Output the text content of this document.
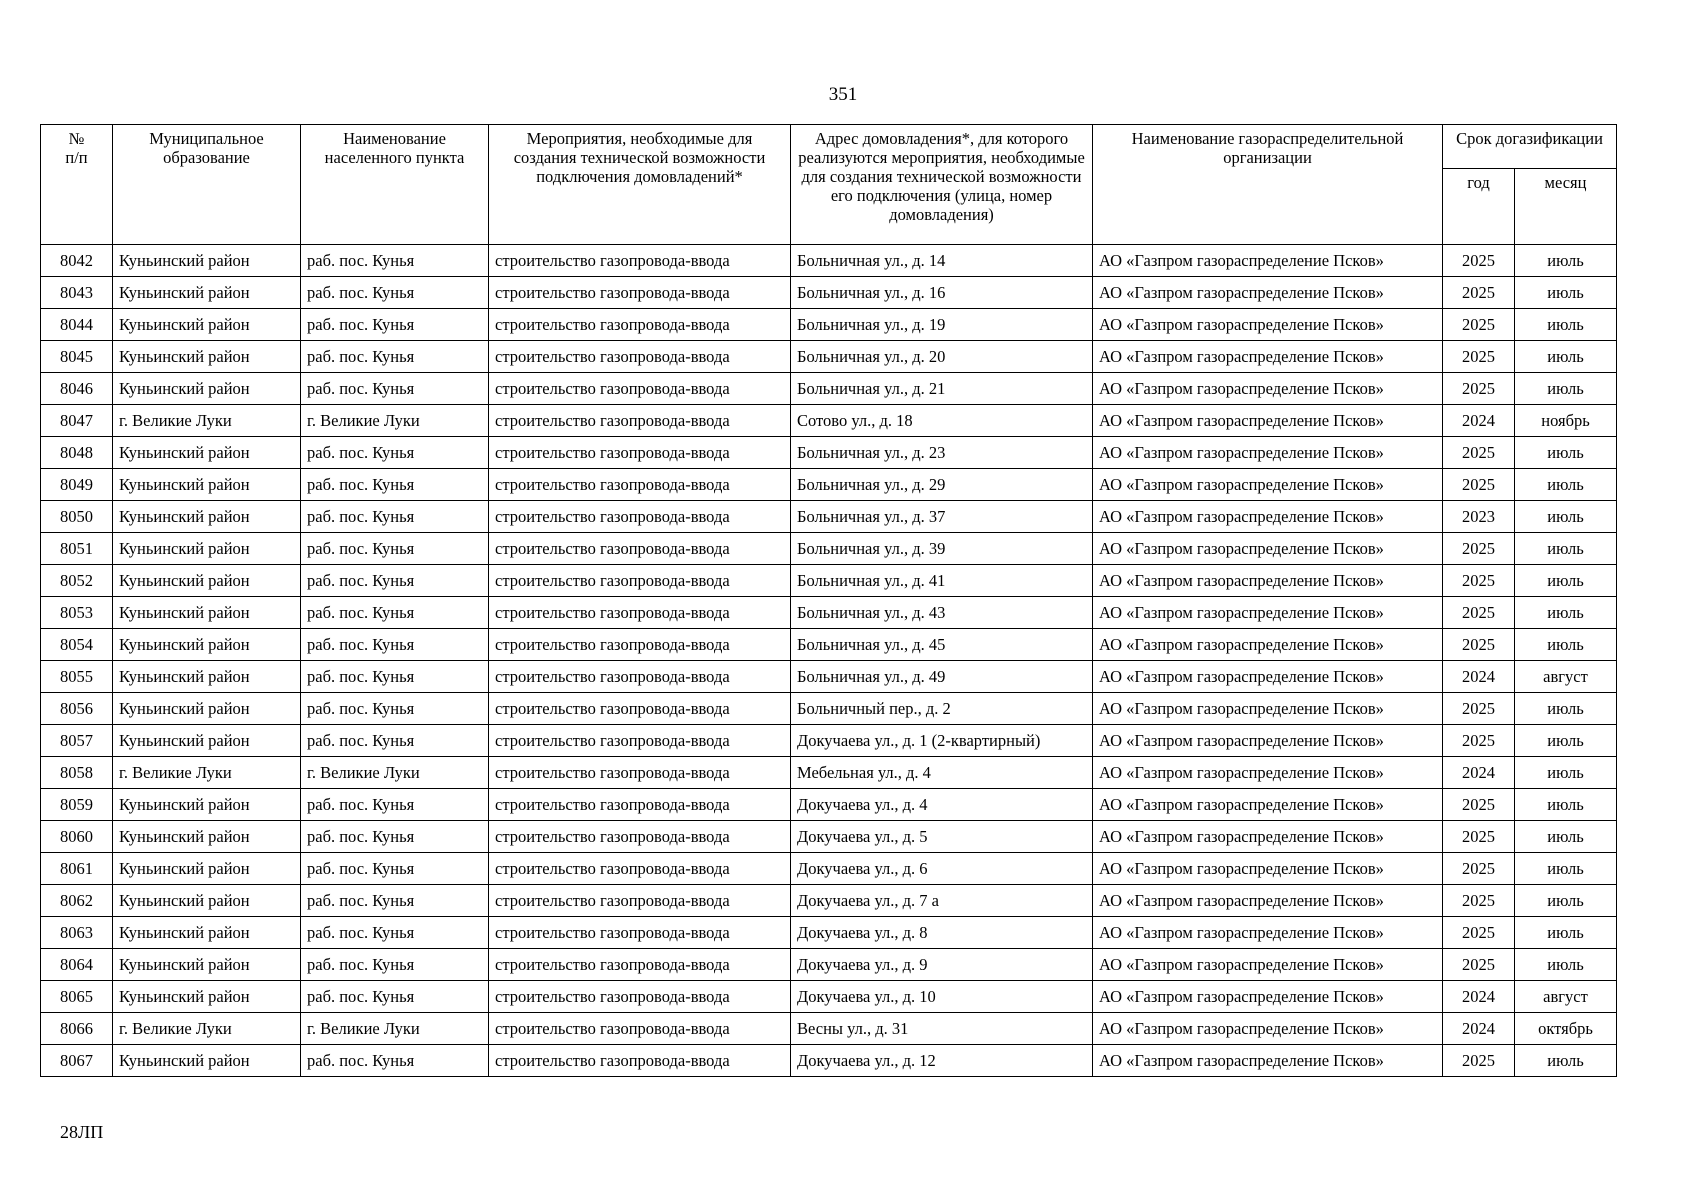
351
№
п/п	Муниципальное образование	Наименование населенного пункта	Мероприятия, необходимые для создания технической возможности подключения домовладений*	Адрес домовладения*, для которого реализуются мероприятия, необходимые для создания технической возможности его подключения (улица, номер домовладения)	Наименование газораспределительной организации	Срок догазификации	
						год	месяц
8042	Куньинский район	раб. пос. Кунья	строительство газопровода-ввода	Больничная ул., д. 14	АО «Газпром газораспределение Псков»	2025	июль
8043	Куньинский район	раб. пос. Кунья	строительство газопровода-ввода	Больничная ул., д. 16	АО «Газпром газораспределение Псков»	2025	июль
8044	Куньинский район	раб. пос. Кунья	строительство газопровода-ввода	Больничная ул., д. 19	АО «Газпром газораспределение Псков»	2025	июль
8045	Куньинский район	раб. пос. Кунья	строительство газопровода-ввода	Больничная ул., д. 20	АО «Газпром газораспределение Псков»	2025	июль
8046	Куньинский район	раб. пос. Кунья	строительство газопровода-ввода	Больничная ул., д. 21	АО «Газпром газораспределение Псков»	2025	июль
8047	г. Великие Луки	г. Великие Луки	строительство газопровода-ввода	Сотово ул., д. 18	АО «Газпром газораспределение Псков»	2024	ноябрь
8048	Куньинский район	раб. пос. Кунья	строительство газопровода-ввода	Больничная ул., д. 23	АО «Газпром газораспределение Псков»	2025	июль
8049	Куньинский район	раб. пос. Кунья	строительство газопровода-ввода	Больничная ул., д. 29	АО «Газпром газораспределение Псков»	2025	июль
8050	Куньинский район	раб. пос. Кунья	строительство газопровода-ввода	Больничная ул., д. 37	АО «Газпром газораспределение Псков»	2023	июль
8051	Куньинский район	раб. пос. Кунья	строительство газопровода-ввода	Больничная ул., д. 39	АО «Газпром газораспределение Псков»	2025	июль
8052	Куньинский район	раб. пос. Кунья	строительство газопровода-ввода	Больничная ул., д. 41	АО «Газпром газораспределение Псков»	2025	июль
8053	Куньинский район	раб. пос. Кунья	строительство газопровода-ввода	Больничная ул., д. 43	АО «Газпром газораспределение Псков»	2025	июль
8054	Куньинский район	раб. пос. Кунья	строительство газопровода-ввода	Больничная ул., д. 45	АО «Газпром газораспределение Псков»	2025	июль
8055	Куньинский район	раб. пос. Кунья	строительство газопровода-ввода	Больничная ул., д. 49	АО «Газпром газораспределение Псков»	2024	август
8056	Куньинский район	раб. пос. Кунья	строительство газопровода-ввода	Больничный пер., д. 2	АО «Газпром газораспределение Псков»	2025	июль
8057	Куньинский район	раб. пос. Кунья	строительство газопровода-ввода	Докучаева ул., д. 1 (2-квартирный)	АО «Газпром газораспределение Псков»	2025	июль
8058	г. Великие Луки	г. Великие Луки	строительство газопровода-ввода	Мебельная ул., д. 4	АО «Газпром газораспределение Псков»	2024	июль
8059	Куньинский район	раб. пос. Кунья	строительство газопровода-ввода	Докучаева ул., д. 4	АО «Газпром газораспределение Псков»	2025	июль
8060	Куньинский район	раб. пос. Кунья	строительство газопровода-ввода	Докучаева ул., д. 5	АО «Газпром газораспределение Псков»	2025	июль
8061	Куньинский район	раб. пос. Кунья	строительство газопровода-ввода	Докучаева ул., д. 6	АО «Газпром газораспределение Псков»	2025	июль
8062	Куньинский район	раб. пос. Кунья	строительство газопровода-ввода	Докучаева ул., д. 7 а	АО «Газпром газораспределение Псков»	2025	июль
8063	Куньинский район	раб. пос. Кунья	строительство газопровода-ввода	Докучаева ул., д. 8	АО «Газпром газораспределение Псков»	2025	июль
8064	Куньинский район	раб. пос. Кунья	строительство газопровода-ввода	Докучаева ул., д. 9	АО «Газпром газораспределение Псков»	2025	июль
8065	Куньинский район	раб. пос. Кунья	строительство газопровода-ввода	Докучаева ул., д. 10	АО «Газпром газораспределение Псков»	2024	август
8066	г. Великие Луки	г. Великие Луки	строительство газопровода-ввода	Весны ул., д. 31	АО «Газпром газораспределение Псков»	2024	октябрь
8067	Куньинский район	раб. пос. Кунья	строительство газопровода-ввода	Докучаева ул., д. 12	АО «Газпром газораспределение Псков»	2025	июль
28ЛП
